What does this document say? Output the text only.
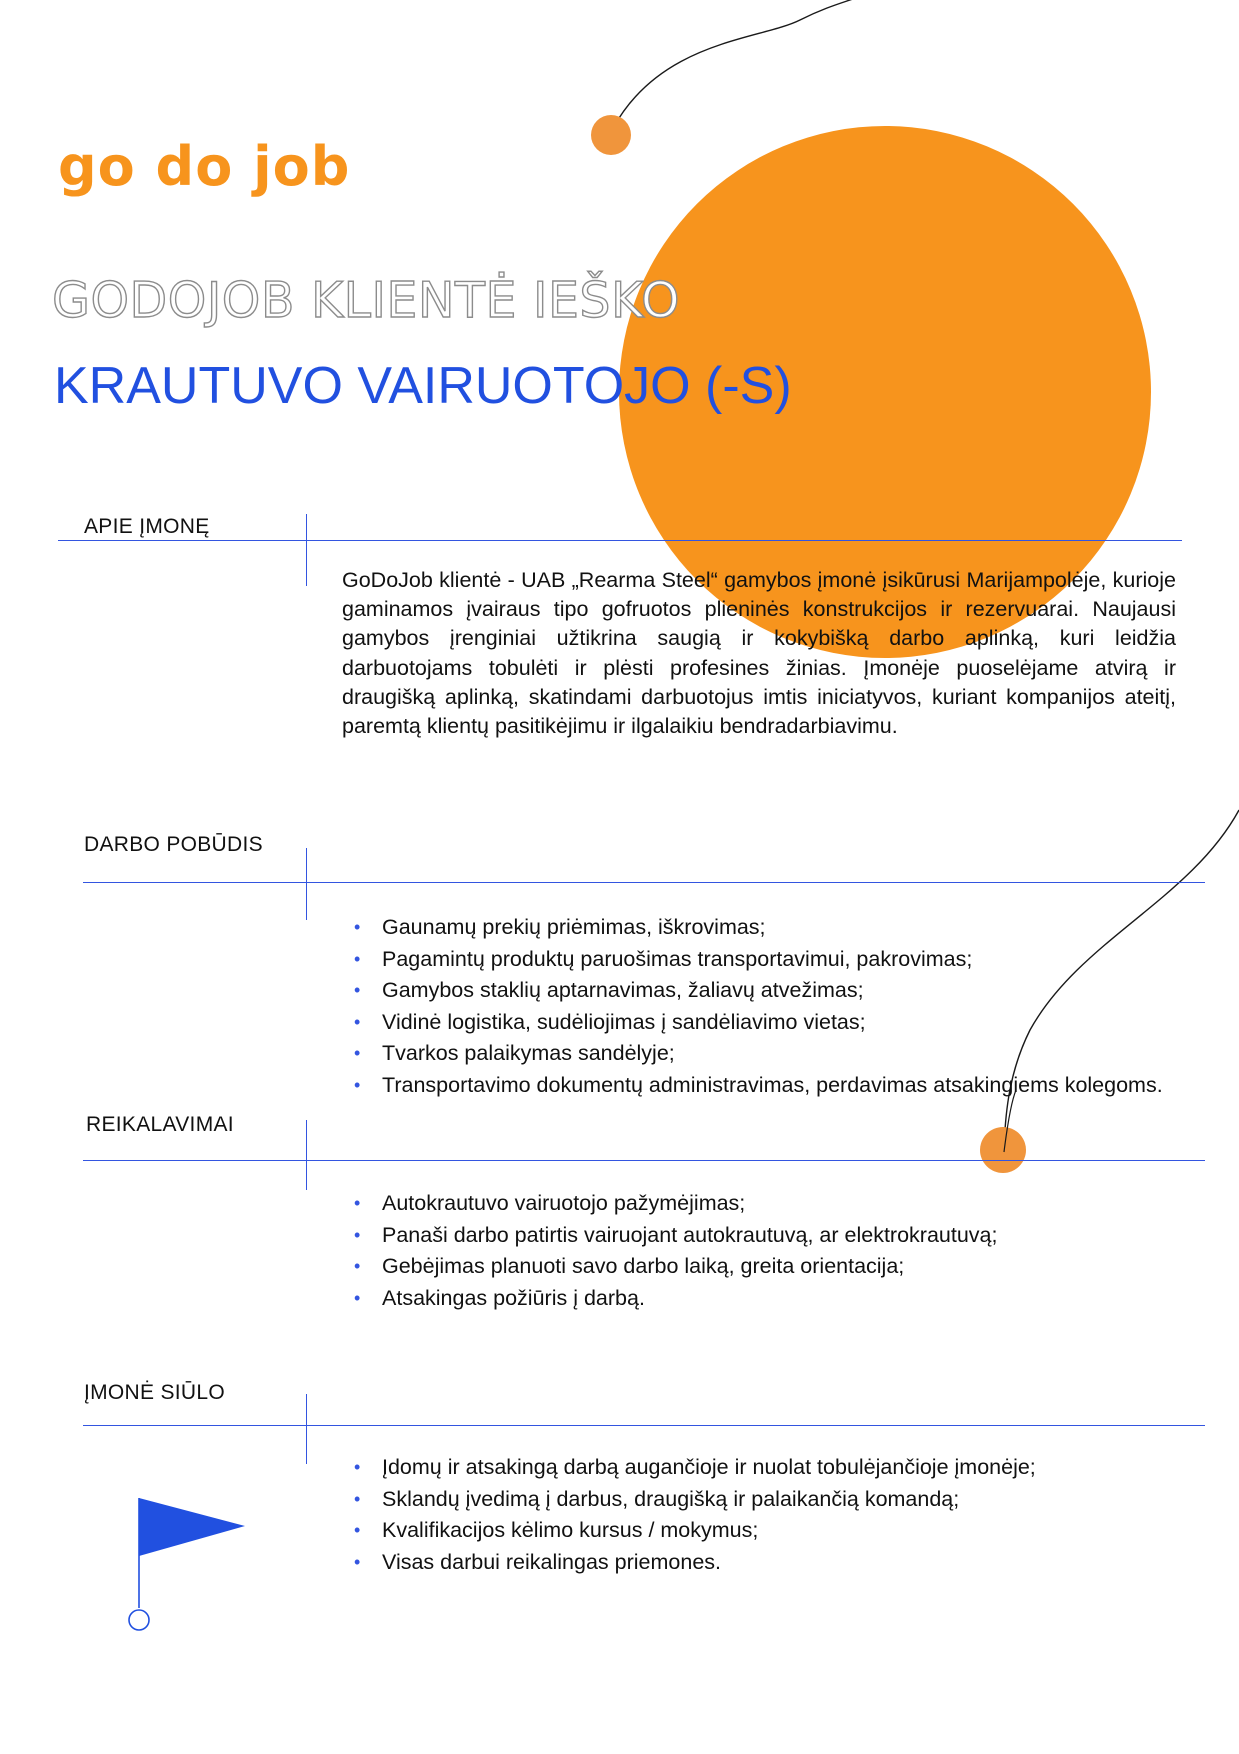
go do job
GODOJOB KLIENTĖ IEŠKO
KRAUTUVO VAIRUOTOJO (-S)
APIE ĮMONĘ

GoDoJob klientė - UAB „Rearma Steel“ gamybos įmonė įsikūrusi Marijampolėje, kurioje gaminamos įvairaus tipo gofruotos plieninės konstrukcijos ir rezervuarai. Naujausi gamybos įrenginiai užtikrina saugią ir kokybišką darbo aplinką, kuri leidžia darbuotojams tobulėti ir plėsti profesines žinias. Įmonėje puoselėjame atvirą ir draugišką aplinką, skatindami darbuotojus imtis iniciatyvos, kuriant kompanijos ateitį, paremtą klientų pasitikėjimu ir ilgalaikiu bendradarbiavimu.

DARBO POBŪDIS
• Gaunamų prekių priėmimas, iškrovimas;
• Pagamintų produktų paruošimas transportavimui, pakrovimas;
• Gamybos staklių aptarnavimas, žaliavų atvežimas;
• Vidinė logistika, sudėliojimas į sandėliavimo vietas;
• Tvarkos palaikymas sandėlyje;
• Transportavimo dokumentų administravimas, perdavimas atsakingiems kolegoms.
REIKALAVIMAI
• Autokrautuvo vairuotojo pažymėjimas;
• Panaši darbo patirtis vairuojant autokrautuvą, ar elektrokrautuvą;
• Gebėjimas planuoti savo darbo laiką, greita orientacija;
• Atsakingas požiūris į darbą.
ĮMONĖ SIŪLO
• Įdomų ir atsakingą darbą augančioje ir nuolat tobulėjančioje įmonėje;
• Sklandų įvedimą į darbus, draugišką ir palaikančią komandą;
• Kvalifikacijos kėlimo kursus / mokymus;
• Visas darbui reikalingas priemones.
